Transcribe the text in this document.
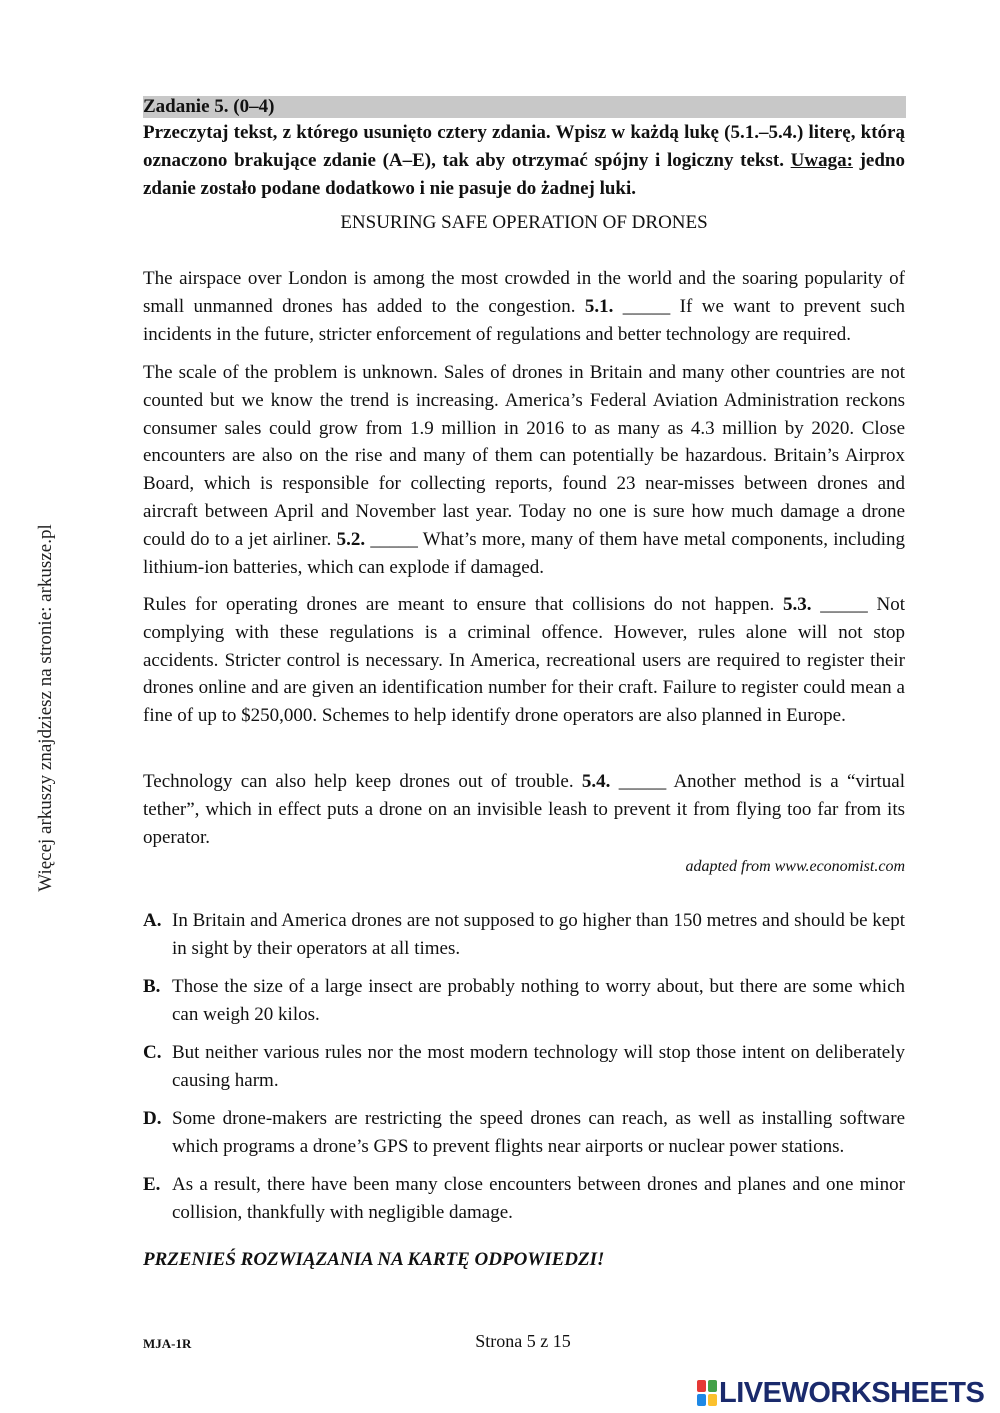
Więcej arkuszy znajdziesz na stronie: arkusze.pl
Zadanie 5. (0–4)
Przeczytaj tekst, z którego usunięto cztery zdania. Wpisz w każdą lukę (5.1.–5.4.) literę, którą oznaczono brakujące zdanie (A–E), tak aby otrzymać spójny i logiczny tekst. Uwaga: jedno zdanie zostało podane dodatkowo i nie pasuje do żadnej luki.
ENSURING SAFE OPERATION OF DRONES

The airspace over London is among the most crowded in the world and the soaring popularity of small unmanned drones has added to the congestion. 5.1. _____ If we want to prevent such incidents in the future, stricter enforcement of regulations and better technology are required.

The scale of the problem is unknown. Sales of drones in Britain and many other countries are not counted but we know the trend is increasing. America’s Federal Aviation Administration reckons consumer sales could grow from 1.9 million in 2016 to as many as 4.3 million by 2020. Close encounters are also on the rise and many of them can potentially be hazardous. Britain’s Airprox Board, which is responsible for collecting reports, found 23 near-misses between drones and aircraft between April and November last year. Today no one is sure how much damage a drone could do to a jet airliner. 5.2. _____ What’s more, many of them have metal components, including lithium-ion batteries, which can explode if damaged.

Rules for operating drones are meant to ensure that collisions do not happen. 5.3. _____ Not complying with these regulations is a criminal offence. However, rules alone will not stop accidents. Stricter control is necessary. In America, recreational users are required to register their drones online and are given an identification number for their craft. Failure to register could mean a fine of up to $250,000. Schemes to help identify drone operators are also planned in Europe.

Technology can also help keep drones out of trouble. 5.4. _____ Another method is a “virtual tether”, which in effect puts a drone on an invisible leash to prevent it from flying too far from its operator.

adapted from www.economist.com
A. In Britain and America drones are not supposed to go higher than 150 metres and should be kept in sight by their operators at all times.
B. Those the size of a large insect are probably nothing to worry about, but there are some which can weigh 20 kilos.
C. But neither various rules nor the most modern technology will stop those intent on deliberately causing harm.
D. Some drone-makers are restricting the speed drones can reach, as well as installing software which programs a drone’s GPS to prevent flights near airports or nuclear power stations.
E. As a result, there have been many close encounters between drones and planes and one minor collision, thankfully with negligible damage.
PRZENIEŚ ROZWIĄZANIA NA KARTĘ ODPOWIEDZI!
MJA-1R	Strona 5 z 15
LIVEWORKSHEETS
